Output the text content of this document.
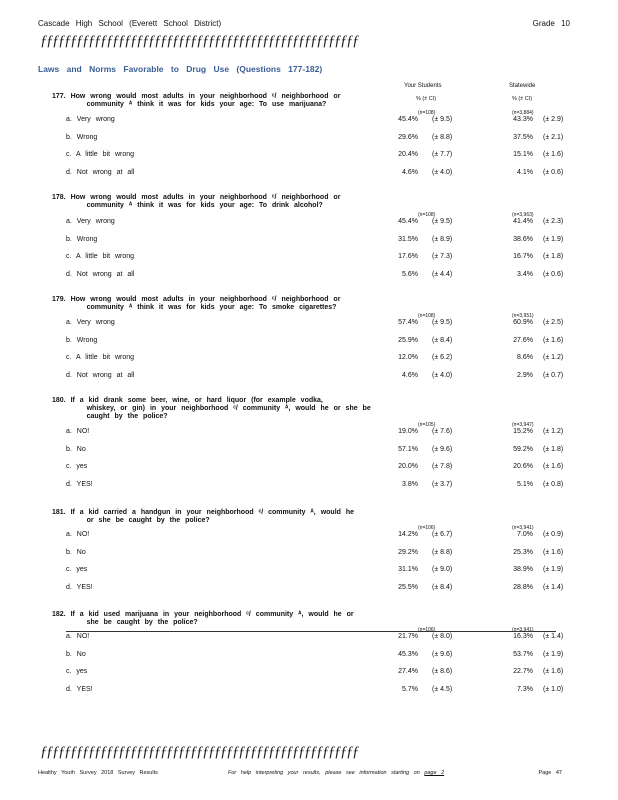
Cascade High School (Everett School District)	Grade 10
ƒƒƒƒƒƒƒƒƒƒƒƒƒƒƒƒƒƒƒƒƒƒƒƒƒƒƒƒƒƒƒƒƒƒƒƒƒƒƒƒƒƒƒƒƒƒƒƒƒƒƒƒƒ
Laws and Norms Favorable to Drug Use (Questions 177-182)
Your Students	Statewide
% (± CI)	% (± CI)
177. How wrong would most adults in your neighborhood ᶜ/ neighborhood or
community ᴬ think it was for kids your age: To use marijuana?
(n=108)	(n=3,884)
a. Very wrong	45.4% (± 9.5)	43.3% (± 2.9)
b. Wrong	29.6% (± 8.8)	37.5% (± 2.1)
c. A little bit wrong	20.4% (± 7.7)	15.1% (± 1.6)
d. Not wrong at all	4.6% (± 4.0)	4.1% (± 0.6)
178. How wrong would most adults in your neighborhood ᶜ/ neighborhood or
community ᴬ think it was for kids your age: To drink alcohol?
(n=108)	(n=3,963)
a. Very wrong	45.4% (± 9.5)	41.4% (± 2.3)
b. Wrong	31.5% (± 8.9)	38.6% (± 1.9)
c. A little bit wrong	17.6% (± 7.3)	16.7% (± 1.8)
d. Not wrong at all	5.6% (± 4.4)	3.4% (± 0.6)
179. How wrong would most adults in your neighborhood ᶜ/ neighborhood or
community ᴬ think it was for kids your age: To smoke cigarettes?
(n=108)	(n=3,951)
a. Very wrong	57.4% (± 9.5)	60.9% (± 2.5)
b. Wrong	25.9% (± 8.4)	27.6% (± 1.6)
c. A little bit wrong	12.0% (± 6.2)	8.6% (± 1.2)
d. Not wrong at all	4.6% (± 4.0)	2.9% (± 0.7)
180. If a kid drank some beer, wine, or hard liquor (for example vodka,
whiskey, or gin) in your neighborhood ᶜ/ community ᴬ, would he or she be
caught by the police?
(n=105)	(n=3,947)
a. NO!	19.0% (± 7.6)	15.2% (± 1.2)
b. No	57.1% (± 9.6)	59.2% (± 1.8)
c. yes	20.0% (± 7.8)	20.6% (± 1.6)
d. YES!	3.8% (± 3.7)	5.1% (± 0.8)
181. If a kid carried a handgun in your neighborhood ᶜ/ community ᴬ, would he
or she be caught by the police?
(n=106)	(n=3,941)
a. NO!	14.2% (± 6.7)	7.0% (± 0.9)
b. No	29.2% (± 8.8)	25.3% (± 1.6)
c. yes	31.1% (± 9.0)	38.9% (± 1.9)
d. YES!	25.5% (± 8.4)	28.8% (± 1.4)
182. If a kid used marijuana in your neighborhood ᶜ/ community ᴬ, would he or
she be caught by the police?
(n=106)	(n=3,941)
a. NO!	21.7% (± 8.0)	16.3% (± 1.4)
b. No	45.3% (± 9.6)	53.7% (± 1.9)
c. yes	27.4% (± 8.6)	22.7% (± 1.6)
d. YES!	5.7% (± 4.5)	7.3% (± 1.0)
ƒƒƒƒƒƒƒƒƒƒƒƒƒƒƒƒƒƒƒƒƒƒƒƒƒƒƒƒƒƒƒƒƒƒƒƒƒƒƒƒƒƒƒƒƒƒƒƒƒƒƒƒƒ
Healthy Youth Survey 2018 Survey Results	For help interpreting your results, please see information starting on page 2	Page 47
